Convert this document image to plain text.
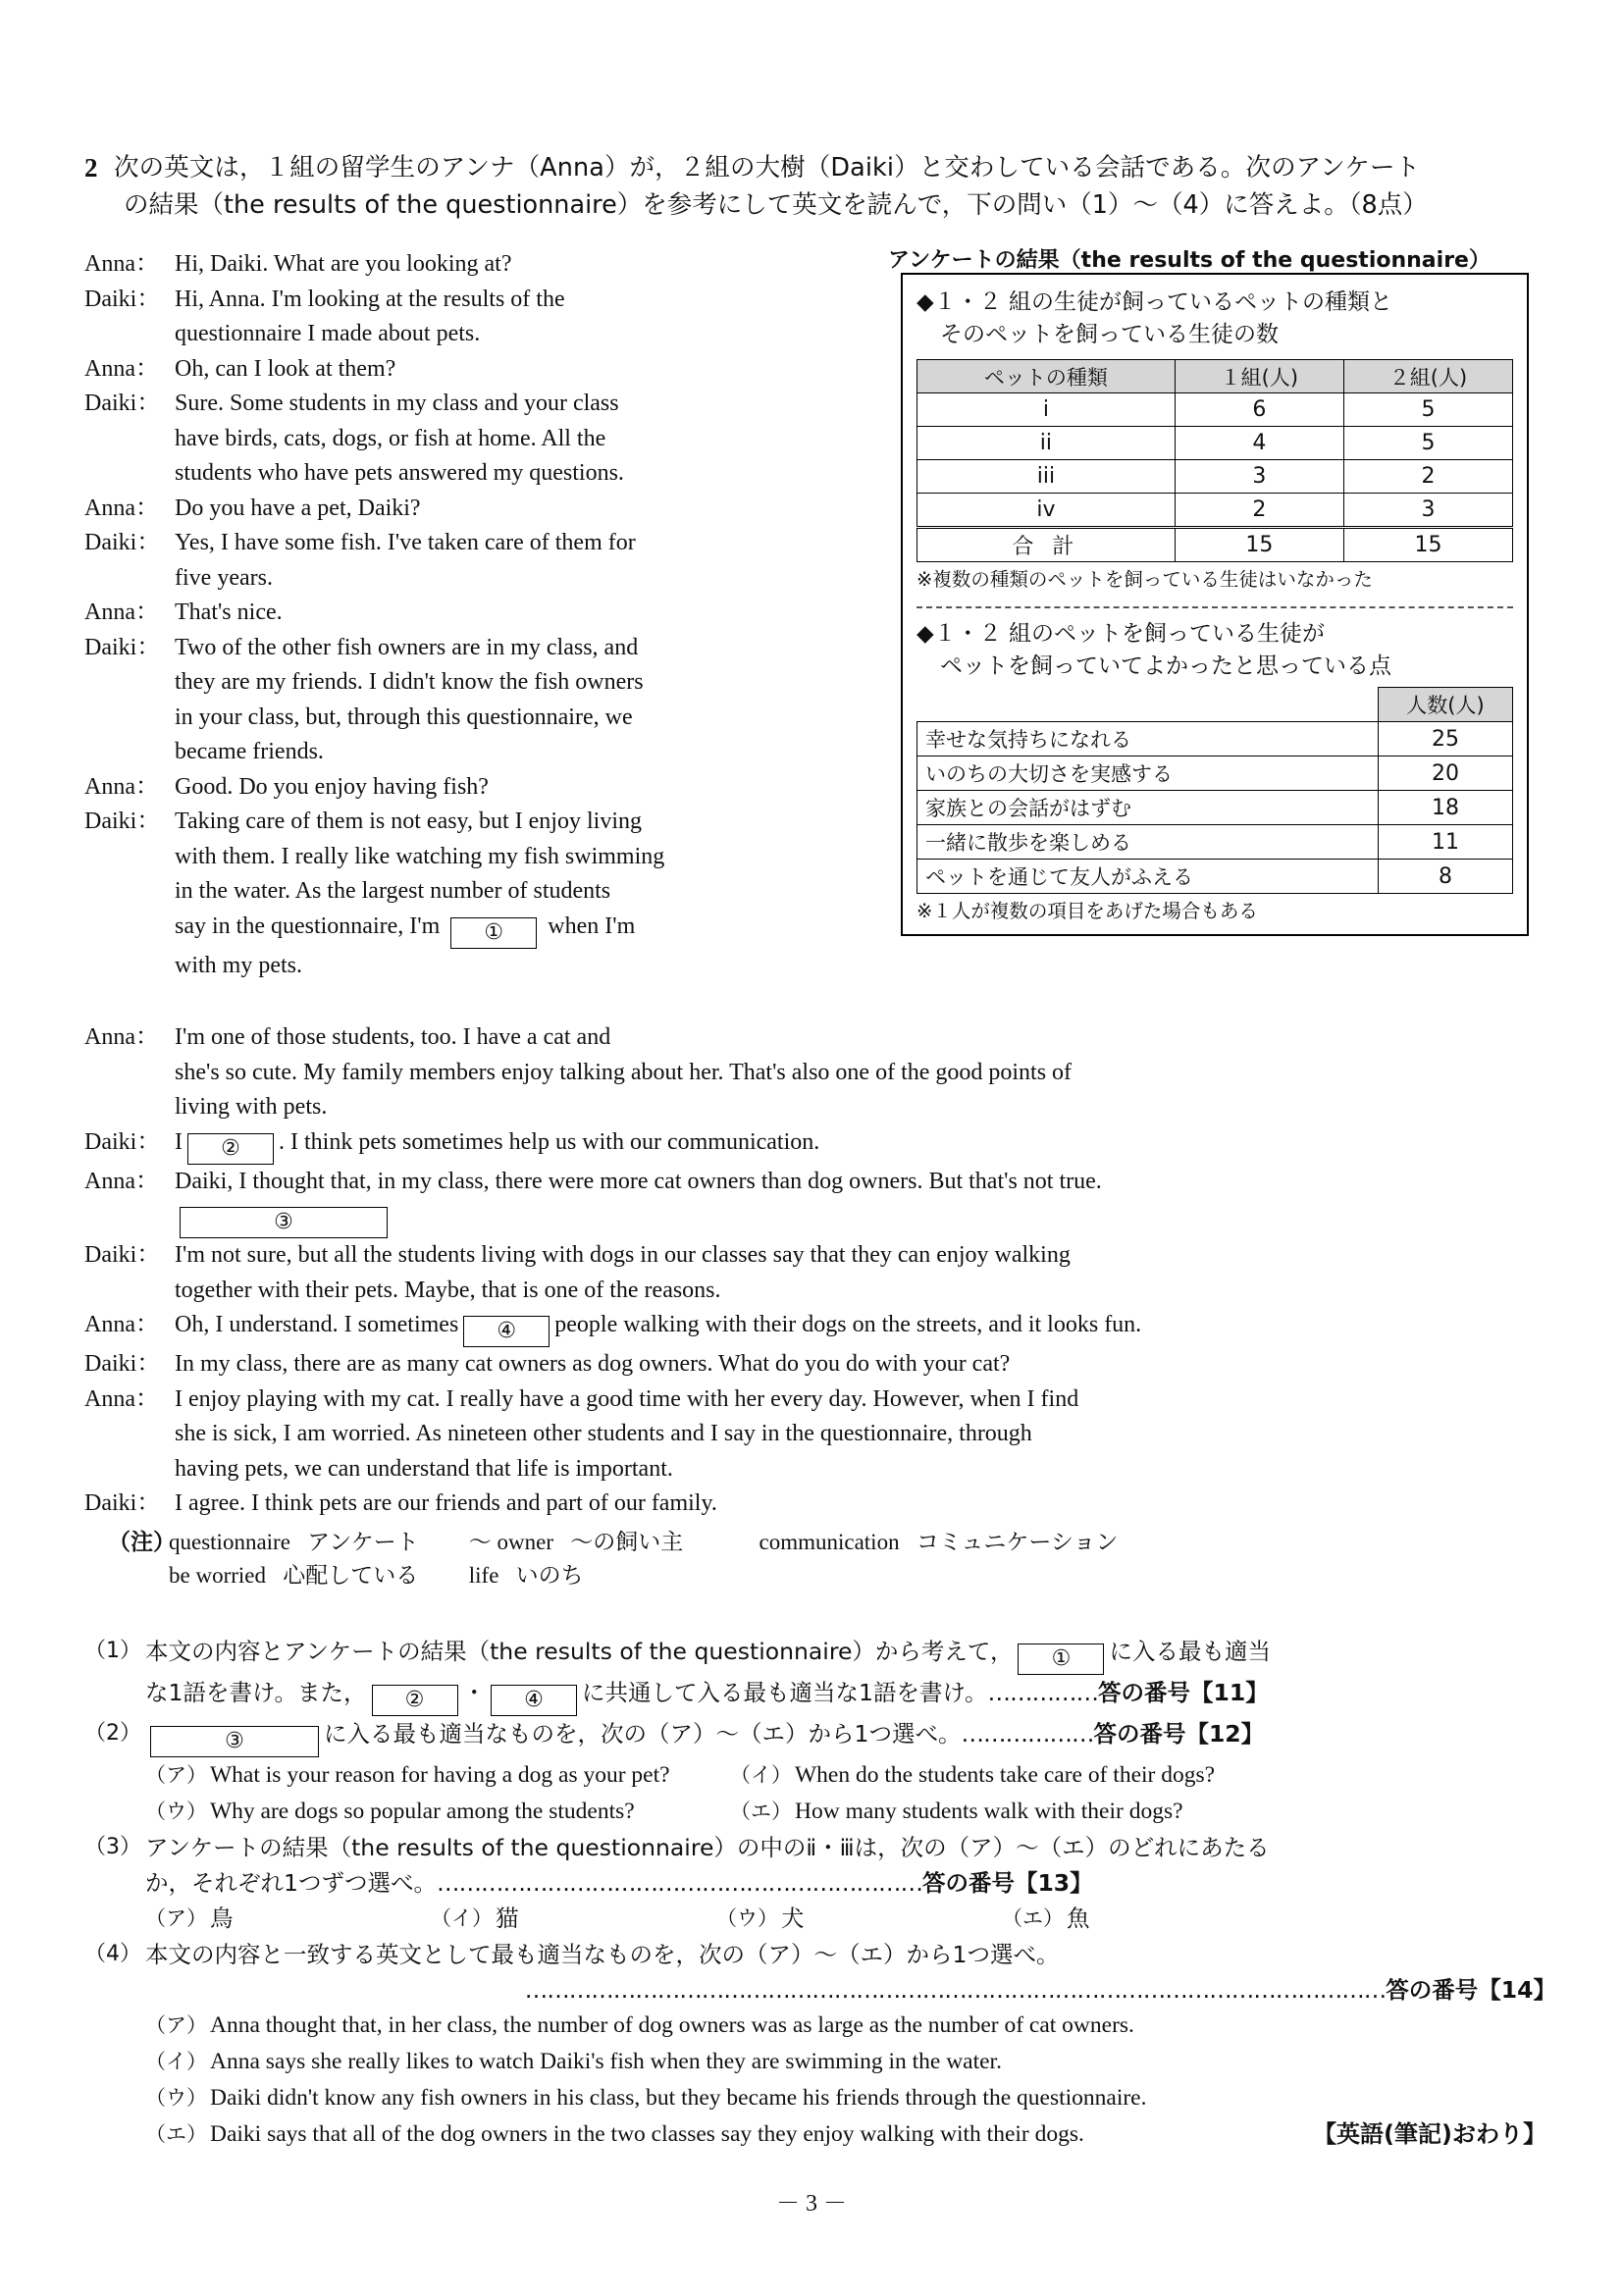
2 次の英文は，１組の留学生のアンナ（Anna）が，２組の大樹（Daiki）と交わしている会話である。次のアンケート
の結果（the results of the questionnaire）を参考にして英文を読んで，下の問い（1）～（4）に答えよ。（8点）
Anna： Hi, Daiki. What are you looking at?
Daiki： Hi, Anna. I'm looking at the results of the
questionnaire I made about pets.
Anna： Oh, can I look at them?
Daiki： Sure. Some students in my class and your class
have birds, cats, dogs, or fish at home. All the
students who have pets answered my questions.
Anna： Do you have a pet, Daiki?
Daiki： Yes, I have some fish. I've taken care of them for
five years.
Anna： That's nice.
Daiki： Two of the other fish owners are in my class, and
they are my friends. I didn't know the fish owners
in your class, but, through this questionnaire, we
became friends.
Anna： Good. Do you enjoy having fish?
Daiki： Taking care of them is not easy, but I enjoy living
with them. I really like watching my fish swimming
in the water. As the largest number of students
say in the questionnaire, I'm ① when I'm
with my pets.
アンケートの結果（the results of the questionnaire）
◆１・２ 組の生徒が飼っているペットの種類と
そのペットを飼っている生徒の数
ペットの種類	１組(人)	２組(人)
i	6	5
ii	4	5
iii	3	2
iv	2	3
合 計	15	15
※複数の種類のペットを飼っている生徒はいなかった
◆１・２ 組のペットを飼っている生徒が
ペットを飼っていてよかったと思っている点
	人数(人)
幸せな気持ちになれる	25
いのちの大切さを実感する	20
家族との会話がはずむ	18
一緒に散歩を楽しめる	11
ペットを通じて友人がふえる	8
※１人が複数の項目をあげた場合もある
Anna： I'm one of those students, too. I have a cat and
she's so cute. My family members enjoy talking about her. That's also one of the good points of
living with pets.
Daiki： I ② . I think pets sometimes help us with our communication.
Anna： Daiki, I thought that, in my class, there were more cat owners than dog owners. But that's not true.
③
Daiki： I'm not sure, but all the students living with dogs in our classes say that they can enjoy walking
together with their pets. Maybe, that is one of the reasons.
Anna： Oh, I understand. I sometimes ④ people walking with their dogs on the streets, and it looks fun.
Daiki： In my class, there are as many cat owners as dog owners. What do you do with your cat?
Anna： I enjoy playing with my cat. I really have a good time with her every day. However, when I find
she is sick, I am worried. As nineteen other students and I say in the questionnaire, through
having pets, we can understand that life is important.
Daiki： I agree. I think pets are our friends and part of our family.
（注）
questionnaire アンケート ～ owner ～の飼い主	communication コミュニケーション
be worried 心配している life いのち
（1） 本文の内容とアンケートの結果（the results of the questionnaire）から考えて， ① に入る最も適当
な1語を書け。また， ② ・ ④ に共通して入る最も適当な1語を書け。……………答の番号【11】
（2）	③	に入る最も適当なものを，次の（ア）～（エ）から1つ選べ。………………答の番号【12】
（ア） What is your reason for having a dog as your pet?	（イ） When do the students take care of their dogs?
（ウ） Why are dogs so popular among the students?	（エ） How many students walk with their dogs?
（3） アンケートの結果（the results of the questionnaire）の中のⅱ・ⅲは，次の（ア）～（エ）のどれにあたる
か，それぞれ1つずつ選べ。…………………………………………………………答の番号【13】
（ア） 鳥	（イ） 猫	（ウ） 犬	（エ） 魚
（4） 本文の内容と一致する英文として最も適当なものを，次の（ア）～（エ）から1つ選べ。
………………………………………………………………………………………………………答の番号【14】
（ア） Anna thought that, in her class, the number of dog owners was as large as the number of cat owners.
（イ） Anna says she really likes to watch Daiki's fish when they are swimming in the water.
（ウ） Daiki didn't know any fish owners in his class, but they became his friends through the questionnaire.
（エ） Daiki says that all of the dog owners in the two classes say they enjoy walking with their dogs.	【英語(筆記)おわり】
－ 3 －
